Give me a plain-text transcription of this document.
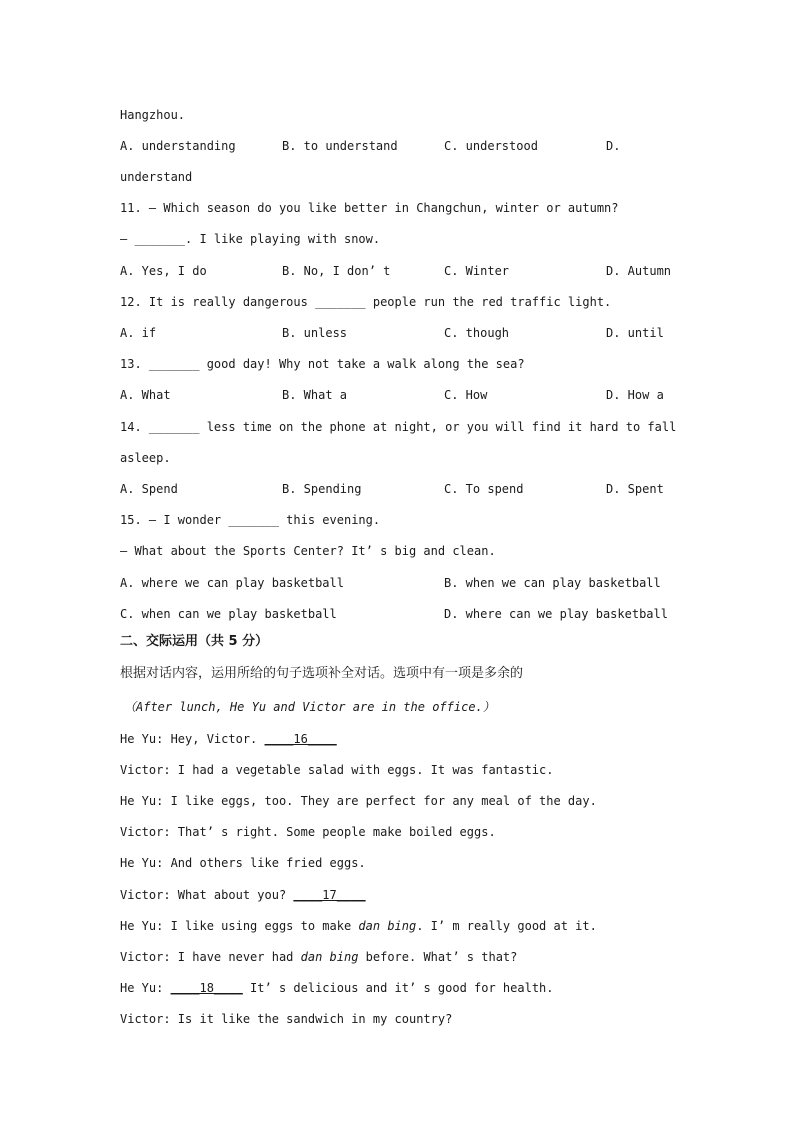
Hangzhou.
A. understanding	B. to understand	C. understood	D.
understand
11. — Which season do you like better in Changchun, winter or autumn?
— _______. I like playing with snow.
A. Yes, I do	B. No, I don’ t	C. Winter	D. Autumn
12. It is really dangerous _______ people run the red traffic light.
A. if	B. unless	C. though	D. until
13. _______ good day! Why not take a walk along the sea?
A. What	B. What a	C. How	D. How a
14. _______ less time on the phone at night, or you will find it hard to fall
asleep.
A. Spend	B. Spending	C. To spend	D. Spent
15. — I wonder _______ this evening.
— What about the Sports Center? It’ s big and clean.
A. where we can play basketball	B. when we can play basketball
C. when can we play basketball	D. where can we play basketball
二、交际运用（共 5 分）
根据对话内容，运用所给的句子选项补全对话。选项中有一项是多余的
（After lunch, He Yu and Victor are in the office.）
He Yu: Hey, Victor. ____16____
Victor: I had a vegetable salad with eggs. It was fantastic.
He Yu: I like eggs, too. They are perfect for any meal of the day.
Victor: That’ s right. Some people make boiled eggs.
He Yu: And others like fried eggs.
Victor: What about you? ____17____
He Yu: I like using eggs to make dan bing. I’ m really good at it.
Victor: I have never had dan bing before. What’ s that?
He Yu: ____18____ It’ s delicious and it’ s good for health.
Victor: Is it like the sandwich in my country?
